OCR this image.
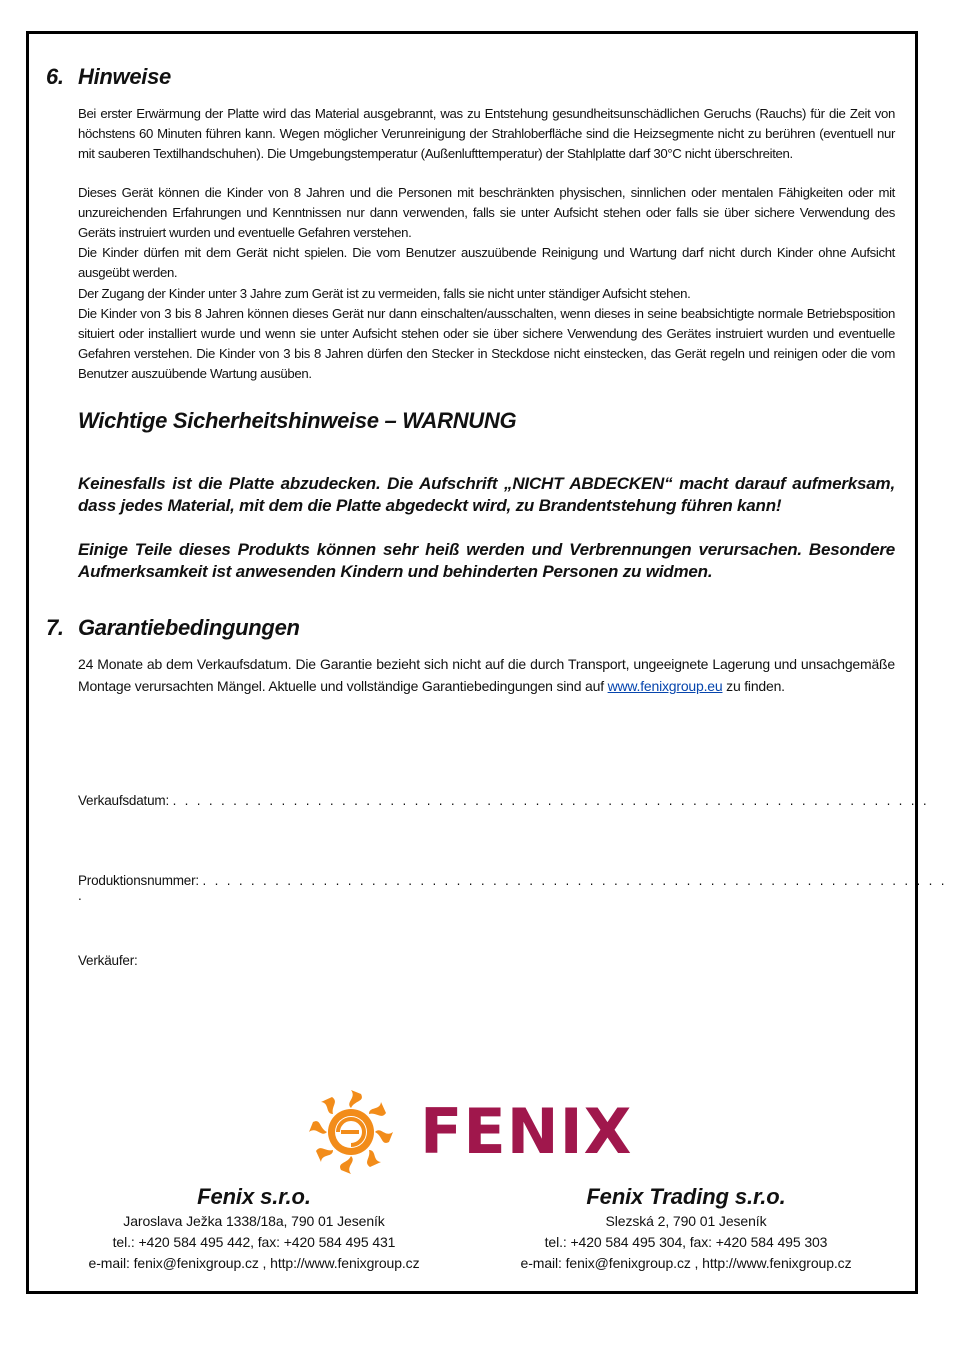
6. Hinweise

Bei erster Erwärmung der Platte wird das Material ausgebrannt, was zu Entstehung gesundheitsunschädlichen Geruchs (Rauchs) für die Zeit von höchstens 60 Minuten führen kann. Wegen möglicher Verunreinigung der Strahloberfläche sind die Heizsegmente nicht zu berühren (eventuell nur mit sauberen Textilhandschuhen). Die Umgebungstemperatur (Außenlufttemperatur) der Stahlplatte darf 30°C nicht überschreiten.

Dieses Gerät können die Kinder von 8 Jahren und die Personen mit beschränkten physischen, sinnlichen oder mentalen Fähigkeiten oder mit unzureichenden Erfahrungen und Kenntnissen nur dann verwenden, falls sie unter Aufsicht stehen oder falls sie über sichere Verwendung des Geräts instruiert wurden und eventuelle Gefahren verstehen.

Die Kinder dürfen mit dem Gerät nicht spielen. Die vom Benutzer auszuübende Reinigung und Wartung darf nicht durch Kinder ohne Aufsicht ausgeübt werden.

Der Zugang der Kinder unter 3 Jahre zum Gerät ist zu vermeiden, falls sie nicht unter ständiger Aufsicht stehen.

Die Kinder von 3 bis 8 Jahren können dieses Gerät nur dann einschalten/ausschalten, wenn dieses in seine beabsichtigte normale Betriebsposition situiert oder installiert wurde und wenn sie unter Aufsicht stehen oder sie über sichere Verwendung des Gerätes instruiert wurden und eventuelle Gefahren verstehen. Die Kinder von 3 bis 8 Jahren dürfen den Stecker in Steckdose nicht einstecken, das Gerät regeln und reinigen oder die vom Benutzer auszuübende Wartung ausüben.

Wichtige Sicherheitshinweise – WARNUNG

Keinesfalls ist die Platte abzudecken. Die Aufschrift „NICHT ABDECKEN“ macht darauf aufmerksam, dass jedes Material, mit dem die Platte abgedeckt wird, zu Brandentstehung führen kann!

Einige Teile dieses Produkts können sehr heiß werden und Verbrennungen verursachen. Besondere Aufmerksamkeit ist anwesenden Kindern und behinderten Personen zu widmen.

7. Garantiebedingungen
24 Monate ab dem Verkaufsdatum. Die Garantie bezieht sich nicht auf die durch Transport, ungeeignete Lagerung und unsachgemäße Montage verursachten Mängel. Aktuelle und vollständige Garantiebedingungen sind auf www.fenixgroup.eu zu finden.
Verkaufsdatum: . . . . . . . . . . . . . . . . . . . . . . . . . . . . . . . . . . . . . . . . . . . . . . . . . . . . . . . . . . . . . . .
Produktionsnummer: . . . . . . . . . . . . . . . . . . . . . . . . . . . . . . . . . . . . . . . . . . . . . . . . . . . . . . . . . . . . . . .
Verkäufer:
FENIX
Fenix s.r.o.
Jaroslava Ježka 1338/18a, 790 01 Jeseník
tel.: +420 584 495 442, fax: +420 584 495 431
e-mail: fenix@fenixgroup.cz , http://www.fenixgroup.cz
Fenix Trading s.r.o.
Slezská 2, 790 01 Jeseník
tel.: +420 584 495 304, fax: +420 584 495 303
e-mail: fenix@fenixgroup.cz , http://www.fenixgroup.cz
